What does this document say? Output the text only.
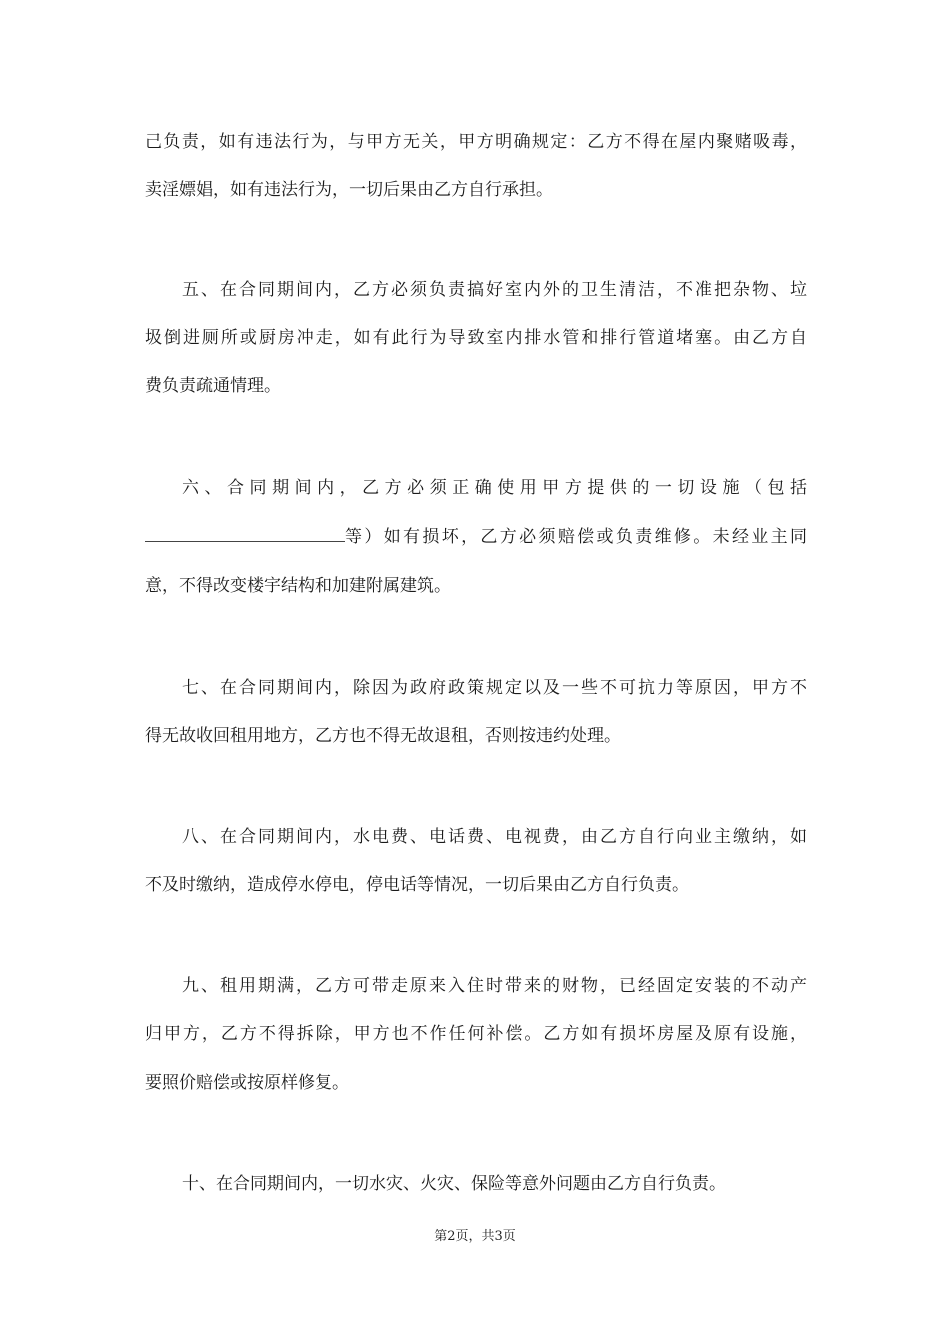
己负责，如有违法行为，与甲方无关，甲方明确规定：乙方不得在屋内聚赌吸毒，
卖淫嫖娼，如有违法行为，一切后果由乙方自行承担。
五、在合同期间内，乙方必须负责搞好室内外的卫生清洁，不准把杂物、垃
圾倒进厕所或厨房冲走，如有此行为导致室内排水管和排行管道堵塞。由乙方自
费负责疏通情理。
六、合同期间内，乙方必须正确使用甲方提供的一切设施（包括
等）如有损坏，乙方必须赔偿或负责维修。未经业主同
意，不得改变楼宇结构和加建附属建筑。
七、在合同期间内，除因为政府政策规定以及一些不可抗力等原因，甲方不
得无故收回租用地方，乙方也不得无故退租，否则按违约处理。
八、在合同期间内，水电费、电话费、电视费，由乙方自行向业主缴纳，如
不及时缴纳，造成停水停电，停电话等情况，一切后果由乙方自行负责。
九、租用期满，乙方可带走原来入住时带来的财物，已经固定安装的不动产
归甲方，乙方不得拆除，甲方也不作任何补偿。乙方如有损坏房屋及原有设施，
要照价赔偿或按原样修复。
十、在合同期间内，一切水灾、火灾、保险等意外问题由乙方自行负责。
第2页，共3页
